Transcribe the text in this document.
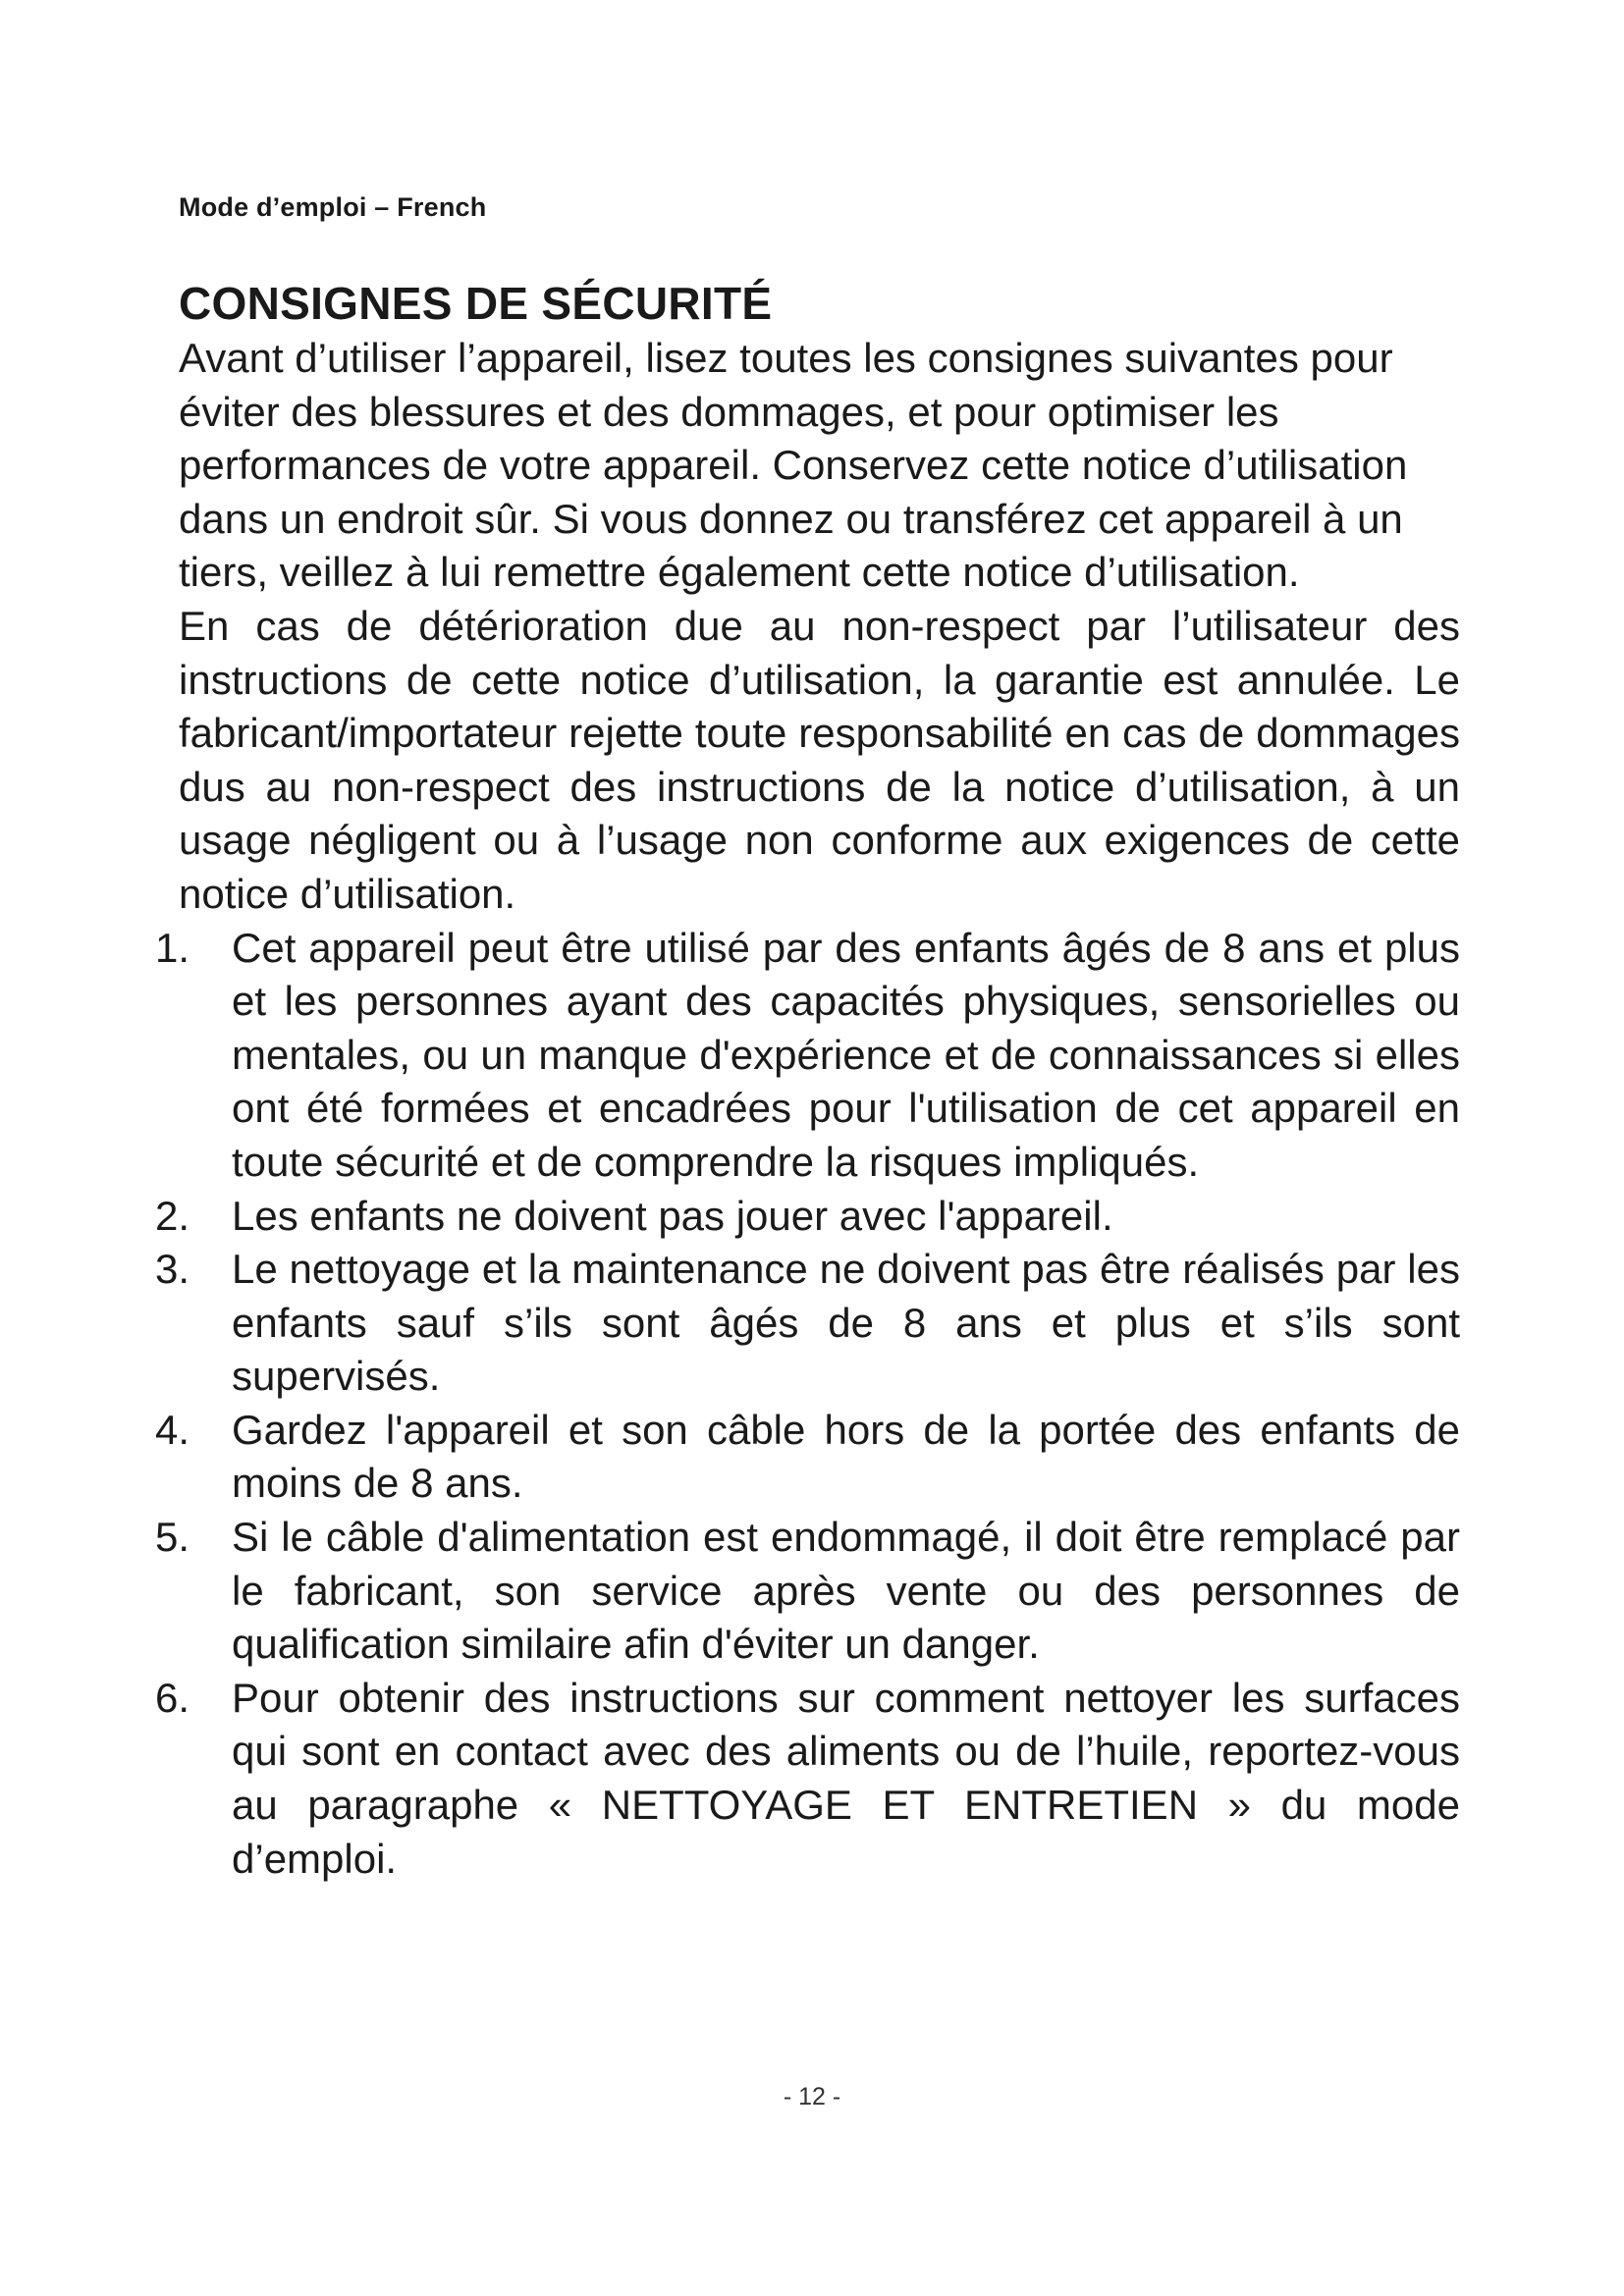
Mode d’emploi – French
CONSIGNES DE SÉCURITÉ

Avant d’utiliser l’appareil, lisez toutes les consignes suivantes pour éviter des blessures et des dommages, et pour optimiser les performances de votre appareil. Conservez cette notice d’utilisation dans un endroit sûr. Si vous donnez ou transférez cet appareil à un tiers, veillez à lui remettre également cette notice d’utilisation.

En cas de détérioration due au non-respect par l’utilisateur des instructions de cette notice d’utilisation, la garantie est annulée. Le fabricant/importateur rejette toute responsabilité en cas de dommages dus au non-respect des instructions de la notice d’utilisation, à un usage négligent ou à l’usage non conforme aux exigences de cette notice d’utilisation.

1.	Cet appareil peut être utilisé par des enfants âgés de 8 ans et plus et les personnes ayant des capacités physiques, sensorielles ou mentales, ou un manque d'expérience et de connaissances si elles ont été formées et encadrées pour l'utilisation de cet appareil en toute sécurité et de comprendre la risques impliqués.
2.	Les enfants ne doivent pas jouer avec l'appareil.
3.	Le nettoyage et la maintenance ne doivent pas être réalisés par les enfants sauf s’ils sont âgés de 8 ans et plus et s’ils sont supervisés.
4.	Gardez l'appareil et son câble hors de la portée des enfants de moins de 8 ans.
5.	Si le câble d'alimentation est endommagé, il doit être remplacé par le fabricant, son service après vente ou des personnes de qualification similaire afin d'éviter un danger.
6.	Pour obtenir des instructions sur comment nettoyer les surfaces qui sont en contact avec des aliments ou de l’huile, reportez-vous au paragraphe « NETTOYAGE ET ENTRETIEN » du mode d’emploi.
- 12 -
